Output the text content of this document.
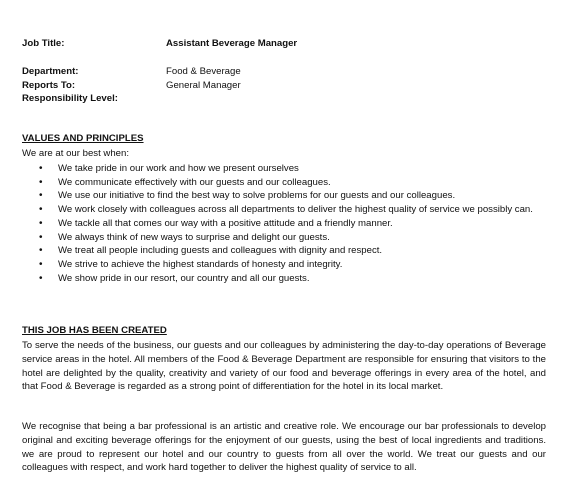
Job Title:	Assistant Beverage Manager
Department:	Food & Beverage
Reports To:	General Manager
Responsibility Level:
VALUES AND PRINCIPLES
We are at our best when:
• We take pride in our work and how we present ourselves
• We communicate effectively with our guests and our colleagues.
• We use our initiative to find the best way to solve problems for our guests and our colleagues.
• We work closely with colleagues across all departments to deliver the highest quality of service we possibly can.
• We tackle all that comes our way with a positive attitude and a friendly manner.
• We always think of new ways to surprise and delight our guests.
• We treat all people including guests and colleagues with dignity and respect.
• We strive to achieve the highest standards of honesty and integrity.
• We show pride in our resort, our country and all our guests.
THIS JOB HAS BEEN CREATED
To serve the needs of the business, our guests and our colleagues by administering the day-to-day operations of Beverage service areas in the hotel. All members of the Food & Beverage Department are responsible for ensuring that visitors to the hotel are delighted by the quality, creativity and variety of our food and beverage offerings in every area of the hotel, and that Food & Beverage is regarded as a strong point of differentiation for the hotel in its local market.
We recognise that being a bar professional is an artistic and creative role. We encourage our bar professionals to develop original and exciting beverage offerings for the enjoyment of our guests, using the best of local ingredients and traditions. we are proud to represent our hotel and our country to guests from all over the world. We treat our guests and our colleagues with respect, and work hard together to deliver the highest quality of service to all.
